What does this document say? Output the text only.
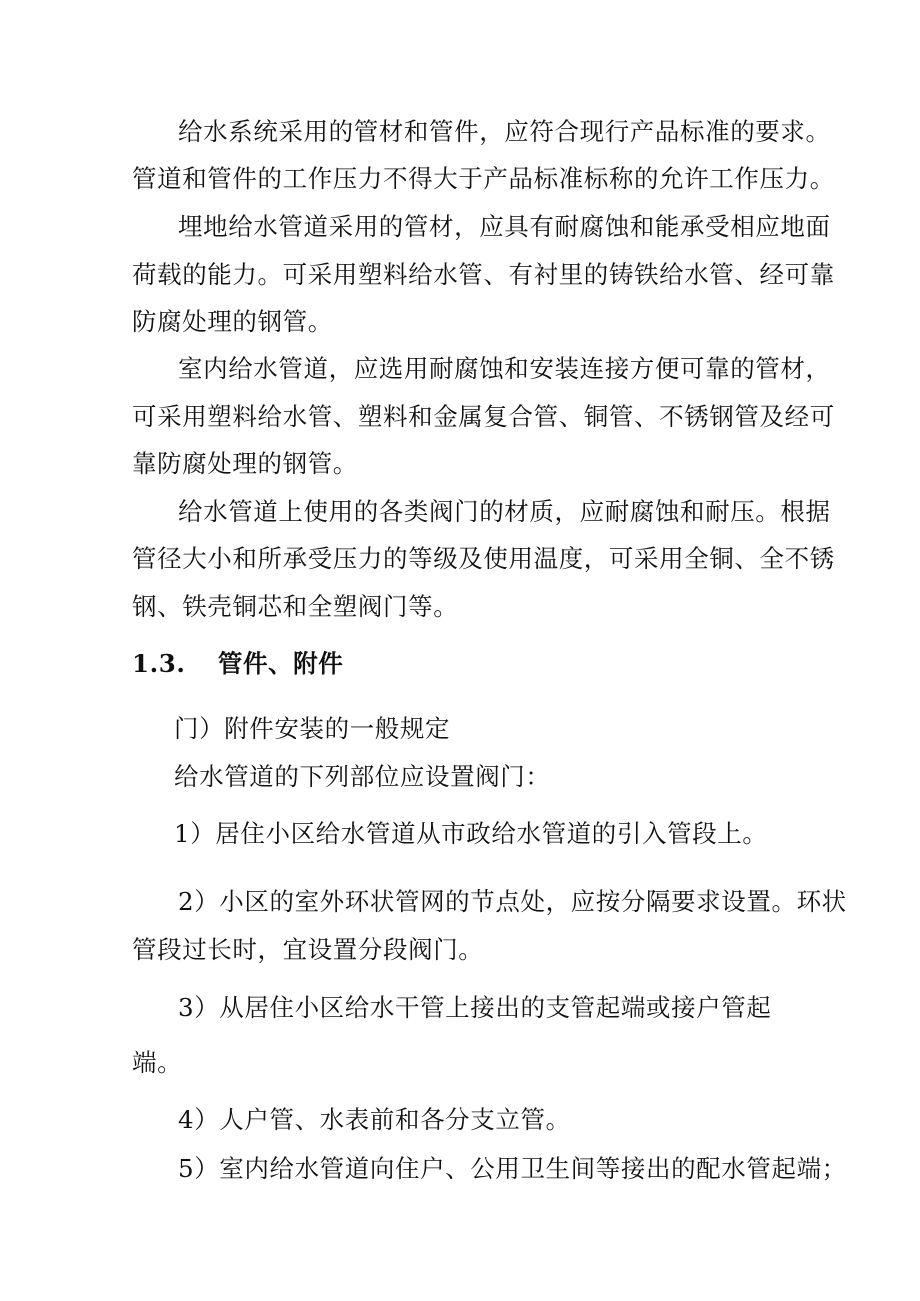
给水系统采用的管材和管件，应符合现行产品标准的要求。
管道和管件的工作压力不得大于产品标准标称的允许工作压力。
埋地给水管道采用的管材，应具有耐腐蚀和能承受相应地面
荷载的能力。可采用塑料给水管、有衬里的铸铁给水管、经可靠
防腐处理的钢管。
室内给水管道，应选用耐腐蚀和安装连接方便可靠的管材，
可采用塑料给水管、塑料和金属复合管、铜管、不锈钢管及经可
靠防腐处理的钢管。
给水管道上使用的各类阀门的材质，应耐腐蚀和耐压。根据
管径大小和所承受压力的等级及使用温度，可采用全铜、全不锈
钢、铁壳铜芯和全塑阀门等。
1.3. 管件、附件
门）附件安装的一般规定
给水管道的下列部位应设置阀门：
1）居住小区给水管道从市政给水管道的引入管段上。
2）小区的室外环状管网的节点处，应按分隔要求设置。环状
管段过长时，宜设置分段阀门。
3）从居住小区给水干管上接出的支管起端或接户管起
端。
4）人户管、水表前和各分支立管。
5）室内给水管道向住户、公用卫生间等接出的配水管起端；
